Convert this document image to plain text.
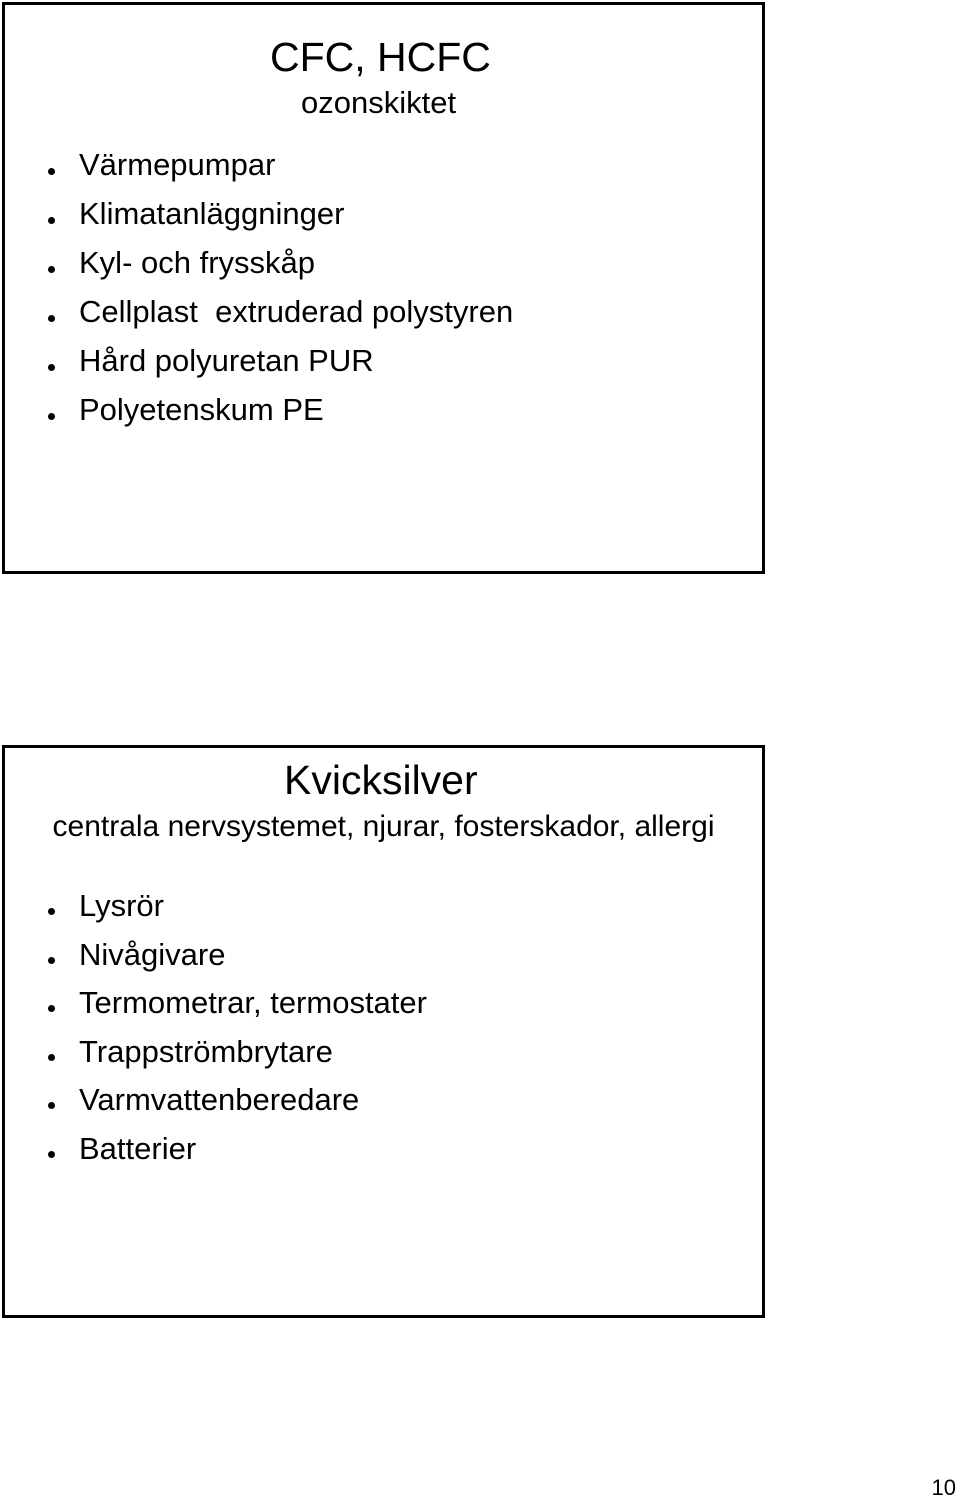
CFC, HCFC
ozonskiktet
Värmepumpar
Klimatanläggninger
Kyl- och frysskåp
Cellplast  extruderad polystyren
Hård polyuretan PUR
Polyetenskum PE
Kvicksilver
centrala nervsystemet, njurar, fosterskador, allergi
Lysrör
Nivågivare
Termometrar, termostater
Trappströmbrytare
Varmvattenberedare
Batterier
10
